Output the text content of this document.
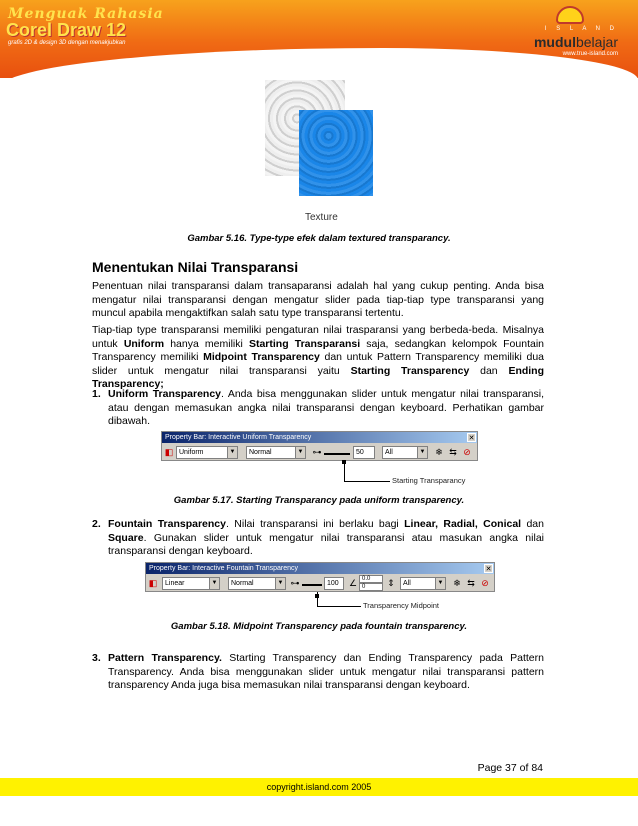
Menguak Rahasia
Corel Draw 12
grafis 2D & design 3D dengan menakjubkan
I S L A N D
mudulbelajar
www.true-island.com
Texture
Gambar 5.16. Type-type efek dalam textured transparancy.
Menentukan Nilai Transparansi
Penentuan nilai transparansi dalam transaparansi adalah hal yang cukup penting. Anda bisa mengatur nilai transparansi dengan mengatur slider pada tiap-tiap type transparansi yang muncul apabila mengaktifkan salah satu type transparansi tertentu.
Tiap-tiap type transparansi memiliki pengaturan nilai trasparansi yang berbeda-beda. Misalnya untuk Uniform hanya memiliki Starting Transparansi saja, sedangkan kelompok Fountain Transparency memiliki Midpoint Transparency dan untuk Pattern Transparency memiliki dua slider untuk mengatur nilai transparansi yaitu Starting Transparency dan Ending Transparency;
1. Uniform Transparency. Anda bisa menggunakan slider untuk mengatur nilai transparansi, atau dengan memasukan angka nilai transparansi dengan keyboard. Perhatikan gambar dibawah.
Property Bar: Interactive Uniform Transparency	✕
◧ Uniform	▼	Normal	▼ ⊶	50	All	▼ ❄ ⇆ ⊘
Starting Transparancy
Gambar 5.17. Starting Transparancy pada uniform transparency.
2. Fountain Transparency. Nilai transparansi ini berlaku bagi Linear, Radial, Conical dan Square. Gunakan slider untuk mengatur nilai transparansi atau masukan angka nilai transparansi dengan keyboard.
Property Bar: Interactive Fountain Transparency	✕
◧	Linear	▼	Normal	▼ ⊶	100	∠ 0.0
0	⇕	All	▼ ❄ ⇆ ⊘
Transparency Midpoint
Gambar 5.18. Midpoint Transparency pada fountain transparency.
3. Pattern Transparency. Starting Transparency dan Ending Transparency pada Pattern Transparency. Anda bisa menggunakan slider untuk mengatur nilai transparansi pattern transparency Anda juga bisa memasukan nilai transparansi dengan keyboard.
Page 37 of 84
copyright.island.com 2005
